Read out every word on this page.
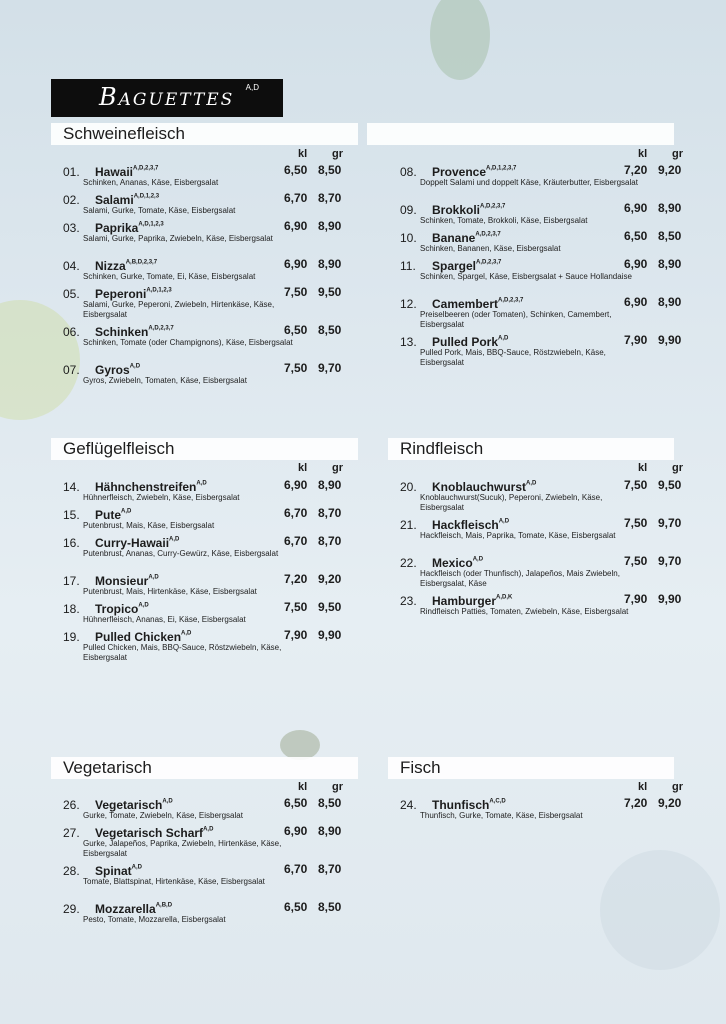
Baguettes A,D
Schweinefleisch
kl gr
01. Hawaii$^{A,D,2,3,7}$	6,50 8,50
Schinken, Ananas, Käse, Eisbergsalat
02. Salami$^{A,D,1,2,3}$	6,70 8,70
Salami, Gurke, Tomate, Käse, Eisbergsalat
03. Paprika$^{A,D,1,2,3}$	6,90 8,90
Salami, Gurke, Paprika, Zwiebeln, Käse, Eisbergsalat
04. Nizza$^{A,B,D,2,3,7}$	6,90 8,90
Schinken, Gurke, Tomate, Ei, Käse, Eisbergsalat
05. Peperoni$^{A,D,1,2,3}$	7,50 9,50
Salami, Gurke, Peperoni, Zwiebeln, Hirtenkäse, Käse, Eisbergsalat
06. Schinken$^{A,D,2,3,7}$	6,50 8,50
Schinken, Tomate (oder Champignons), Käse, Eisbergsalat
07. Gyros$^{A,D}$	7,50 9,70
Gyros, Zwiebeln, Tomaten, Käse, Eisbergsalat
kl gr
08. Provence$^{A,D,1,2,3,7}$	7,20 9,20
Doppelt Salami und doppelt Käse, Kräuterbutter, Eisbergsalat
09. Brokkoli$^{A,D,2,3,7}$	6,90 8,90
Schinken, Tomate, Brokkoli, Käse, Eisbergsalat
10. Banane$^{A,D,2,3,7}$	6,50 8,50
Schinken, Bananen, Käse, Eisbergsalat
11. Spargel$^{A,D,2,3,7}$	6,90 8,90
Schinken, Spargel, Käse, Eisbergsalat + Sauce Hollandaise
12. Camembert$^{A,D,2,3,7}$	6,90 8,90
Preiselbeeren (oder Tomaten), Schinken, Camembert, Eisbergsalat
13. Pulled Pork$^{A,D}$	7,90 9,90
Pulled Pork, Mais, BBQ-Sauce, Röstzwiebeln, Käse, Eisbergsalat
Geflügelfleisch
kl gr
14. Hähnchenstreifen$^{A,D}$	6,90 8,90
Hühnerfleisch, Zwiebeln, Käse, Eisbergsalat
15. Pute$^{A,D}$	6,70 8,70
Putenbrust, Mais, Käse, Eisbergsalat
16. Curry-Hawaii$^{A,D}$	6,70 8,70
Putenbrust, Ananas, Curry-Gewürz, Käse, Eisbergsalat
17. Monsieur$^{A,D}$	7,20 9,20
Putenbrust, Mais, Hirtenkäse, Käse, Eisbergsalat
18. Tropico$^{A,D}$	7,50 9,50
Hühnerfleisch, Ananas, Ei, Käse, Eisbergsalat
19. Pulled Chicken$^{A,D}$	7,90 9,90
Pulled Chicken, Mais, BBQ-Sauce, Röstzwiebeln, Käse, Eisbergsalat
Rindfleisch
kl gr
20. Knoblauchwurst$^{A,D}$	7,50 9,50
Knoblauchwurst(Sucuk), Peperoni, Zwiebeln, Käse, Eisbergsalat
21. Hackfleisch$^{A,D}$	7,50 9,70
Hackfleisch, Mais, Paprika, Tomate, Käse, Eisbergsalat
22. Mexico$^{A,D}$	7,50 9,70
Hackfleisch (oder Thunfisch), Jalapeños, Mais Zwiebeln, Eisbergsalat, Käse
23. Hamburger$^{A,D,K}$	7,90 9,90
Rindfleisch Patties, Tomaten, Zwiebeln, Käse, Eisbergsalat
Vegetarisch
kl gr
26. Vegetarisch$^{A,D}$	6,50 8,50
Gurke, Tomate, Zwiebeln, Käse, Eisbergsalat
27. Vegetarisch Scharf$^{A,D}$	6,90 8,90
Gurke, Jalapeños, Paprika, Zwiebeln, Hirtenkäse, Käse, Eisbergsalat
28. Spinat$^{A,D}$	6,70 8,70
Tomate, Blattspinat, Hirtenkäse, Käse, Eisbergsalat
29. Mozzarella$^{A,B,D}$	6,50 8,50
Pesto, Tomate, Mozzarella, Eisbergsalat
Fisch
kl gr
24. Thunfisch$^{A,C,D}$	7,20 9,20
Thunfisch, Gurke, Tomate, Käse, Eisbergsalat
